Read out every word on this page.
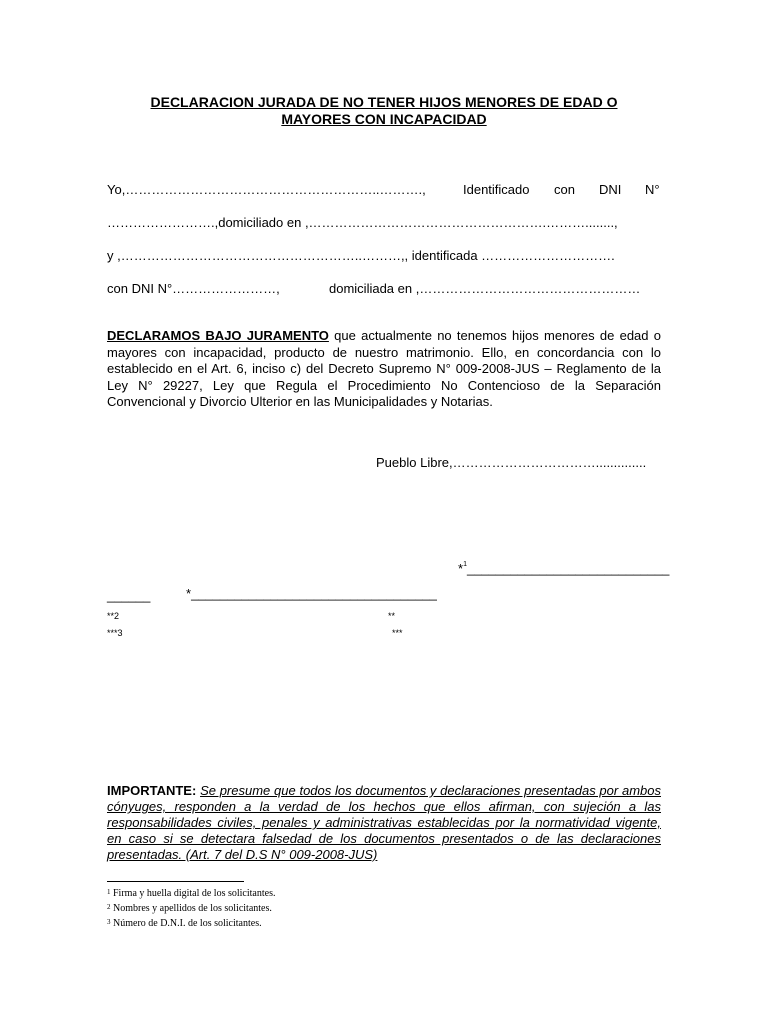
DECLARACION JURADA DE NO TENER HIJOS MENORES DE EDAD O
MAYORES CON INCAPACIDAD
Yo,…………………………………………………..……….,	Identificado con DNI N°
…………………….,domiciliado en ,……………………………………………….………........,
y ,………………………………………………..………,, identificada ………………………….
con DNI N°……………………,	domiciliada en ,……………………………………………
DECLARAMOS BAJO JURAMENTO que actualmente no tenemos hijos menores de edad o mayores con incapacidad, producto de nuestro matrimonio. Ello, en concordancia con lo establecido en el Art. 6, inciso c) del Decreto Supremo N° 009-2008-JUS – Reglamento de la Ley N° 29227, Ley que Regula el Procedimiento No Contencioso de la Separación Convencional y Divorcio Ulterior en las Municipalidades y Notarias.
Pueblo Libre,……………………………..............
*$^1$____________________________
______	*__________________________________
**2	**
***3	***
IMPORTANTE: Se presume que todos los documentos y declaraciones presentadas por ambos cónyuges, responden a la verdad de los hechos que ellos afirman, con sujeción a las responsabilidades civiles, penales y administrativas establecidas por la normatividad vigente, en caso si se detectara falsedad de los documentos presentados o de las declaraciones presentadas. (Art. 7 del D.S N° 009-2008-JUS)
$^1$ Firma y huella digital de los solicitantes.
$^2$ Nombres y apellidos de los solicitantes.
$^3$ Número de D.N.I. de los solicitantes.
